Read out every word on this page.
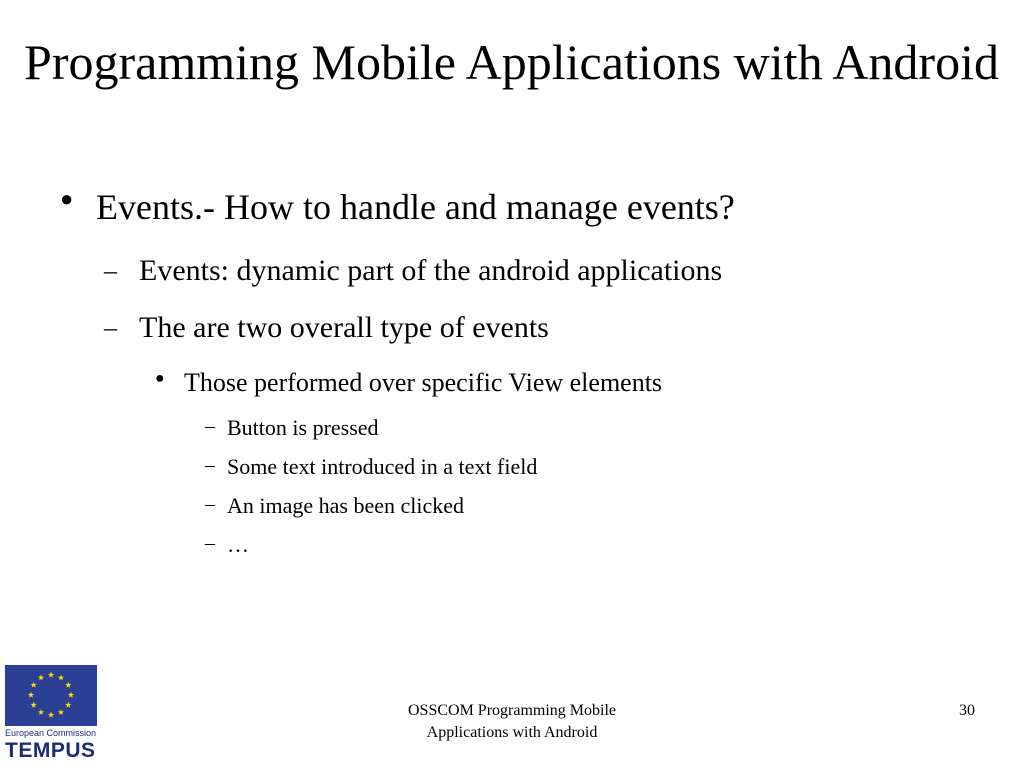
Programming Mobile Applications with Android
● Events.- How to handle and manage events?
– Events: dynamic part of the android applications
– The are two overall type of events
● Those performed over specific View elements
– Button is pressed
– Some text introduced in a text field
– An image has been clicked
– …
European Commission
TEMPUS
OSSCOM Programming Mobile
Applications with Android
30
